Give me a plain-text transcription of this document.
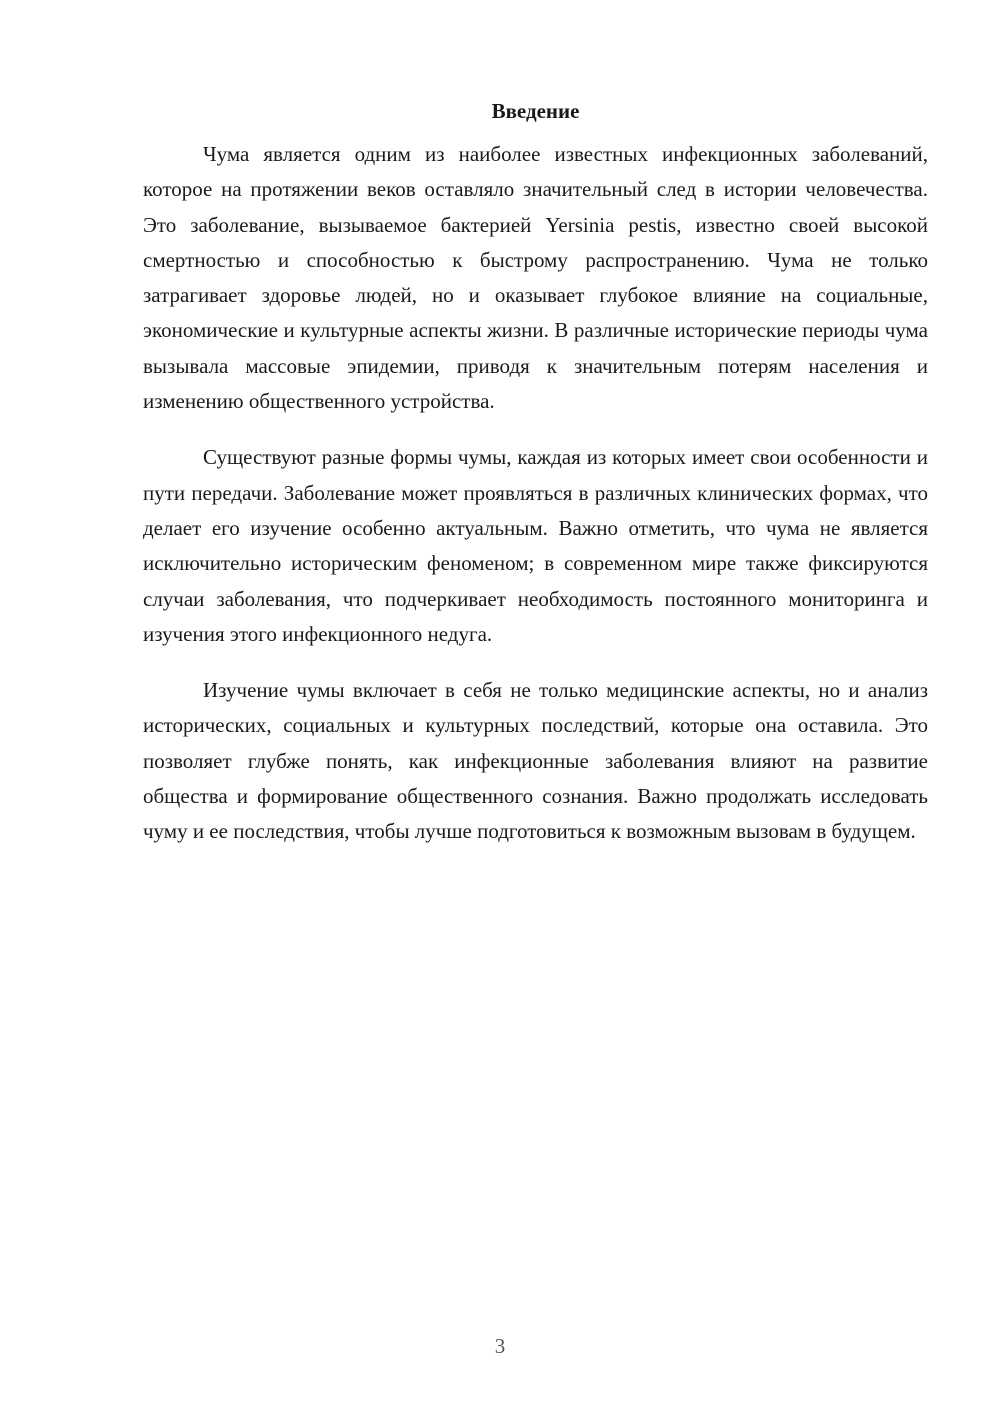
Введение

Чума является одним из наиболее известных инфекционных заболеваний, которое на протяжении веков оставляло значительный след в истории человечества. Это заболевание, вызываемое бактерией Yersinia pestis, известно своей высокой смертностью и способностью к быстрому распространению. Чума не только затрагивает здоровье людей, но и оказывает глубокое влияние на социальные, экономические и культурные аспекты жизни. В различные исторические периоды чума вызывала массовые эпидемии, приводя к значительным потерям населения и изменению общественного устройства.

Существуют разные формы чумы, каждая из которых имеет свои особенности и пути передачи. Заболевание может проявляться в различных клинических формах, что делает его изучение особенно актуальным. Важно отметить, что чума не является исключительно историческим феноменом; в современном мире также фиксируются случаи заболевания, что подчеркивает необходимость постоянного мониторинга и изучения этого инфекционного недуга.

Изучение чумы включает в себя не только медицинские аспекты, но и анализ исторических, социальных и культурных последствий, которые она оставила. Это позволяет глубже понять, как инфекционные заболевания влияют на развитие общества и формирование общественного сознания. Важно продолжать исследовать чуму и ее последствия, чтобы лучше подготовиться к возможным вызовам в будущем.

3
